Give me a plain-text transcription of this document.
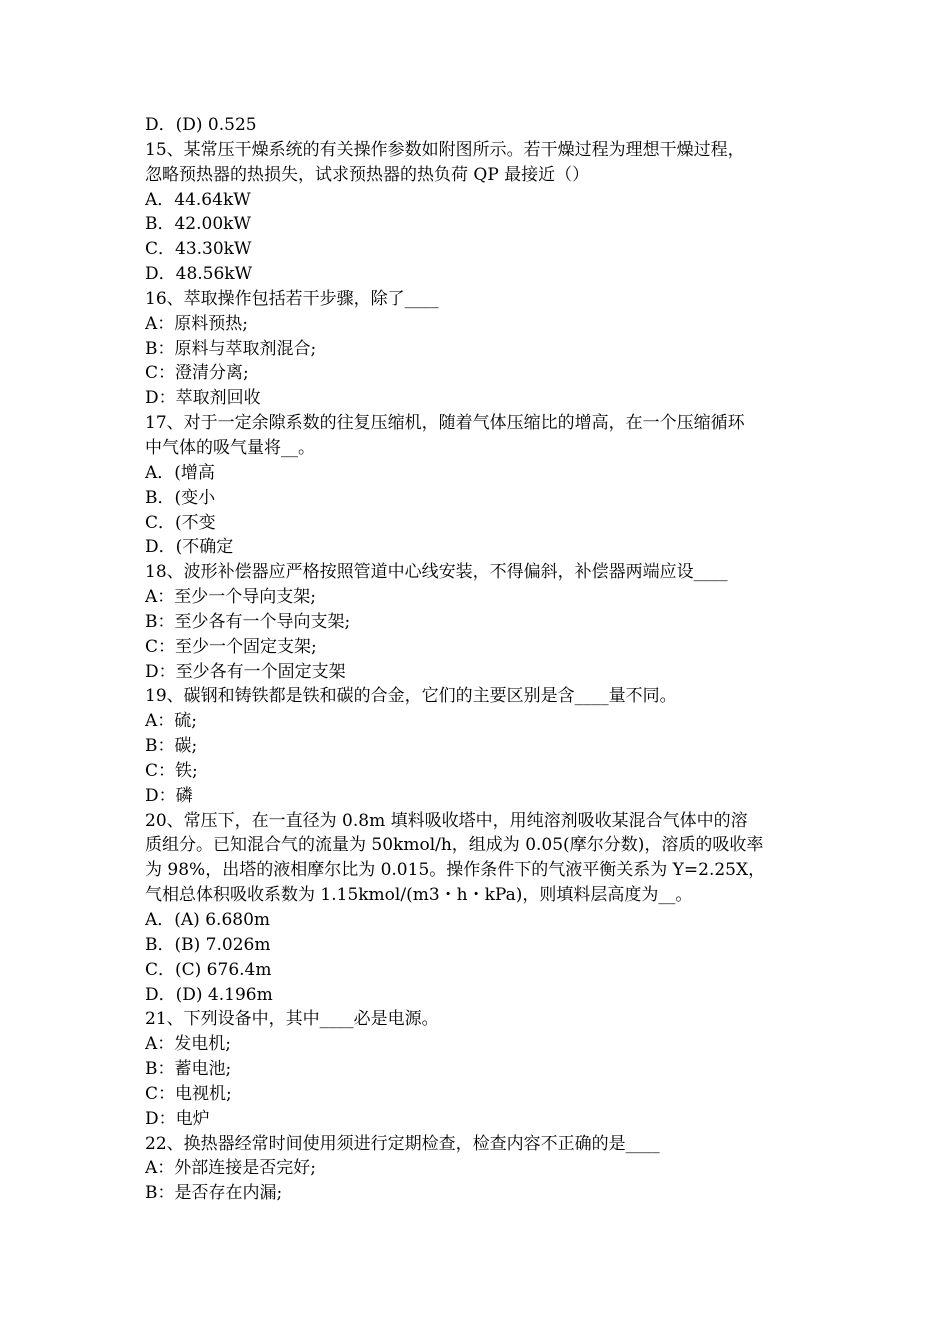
D．(D) 0.525
15、某常压干燥系统的有关操作参数如附图所示。若干燥过程为理想干燥过程，
忽略预热器的热损失，试求预热器的热负荷 QP 最接近（）
A．44.64kW
B．42.00kW
C．43.30kW
D．48.56kW
16、萃取操作包括若干步骤，除了____
A：原料预热;
B：原料与萃取剂混合;
C：澄清分离;
D：萃取剂回收
17、对于一定余隙系数的往复压缩机，随着气体压缩比的增高，在一个压缩循环
中气体的吸气量将__。
A．(增高
B．(变小
C．(不变
D．(不确定
18、波形补偿器应严格按照管道中心线安装，不得偏斜，补偿器两端应设____
A：至少一个导向支架;
B：至少各有一个导向支架;
C：至少一个固定支架;
D：至少各有一个固定支架
19、碳钢和铸铁都是铁和碳的合金，它们的主要区别是含____量不同。
A：硫;
B：碳;
C：铁;
D：磷
20、常压下，在一直径为 0.8m 填料吸收塔中，用纯溶剂吸收某混合气体中的溶
质组分。已知混合气的流量为 50kmol/h，组成为 0.05(摩尔分数)，溶质的吸收率
为 98%，出塔的液相摩尔比为 0.015。操作条件下的气液平衡关系为 Y=2.25X，
气相总体积吸收系数为 1.15kmol/(m3・h・kPa)，则填料层高度为__。
A．(A) 6.680m
B．(B) 7.026m
C．(C) 676.4m
D．(D) 4.196m
21、下列设备中，其中____必是电源。
A：发电机;
B：蓄电池;
C：电视机;
D：电炉
22、换热器经常时间使用须进行定期检查，检查内容不正确的是____
A：外部连接是否完好;
B：是否存在内漏;
